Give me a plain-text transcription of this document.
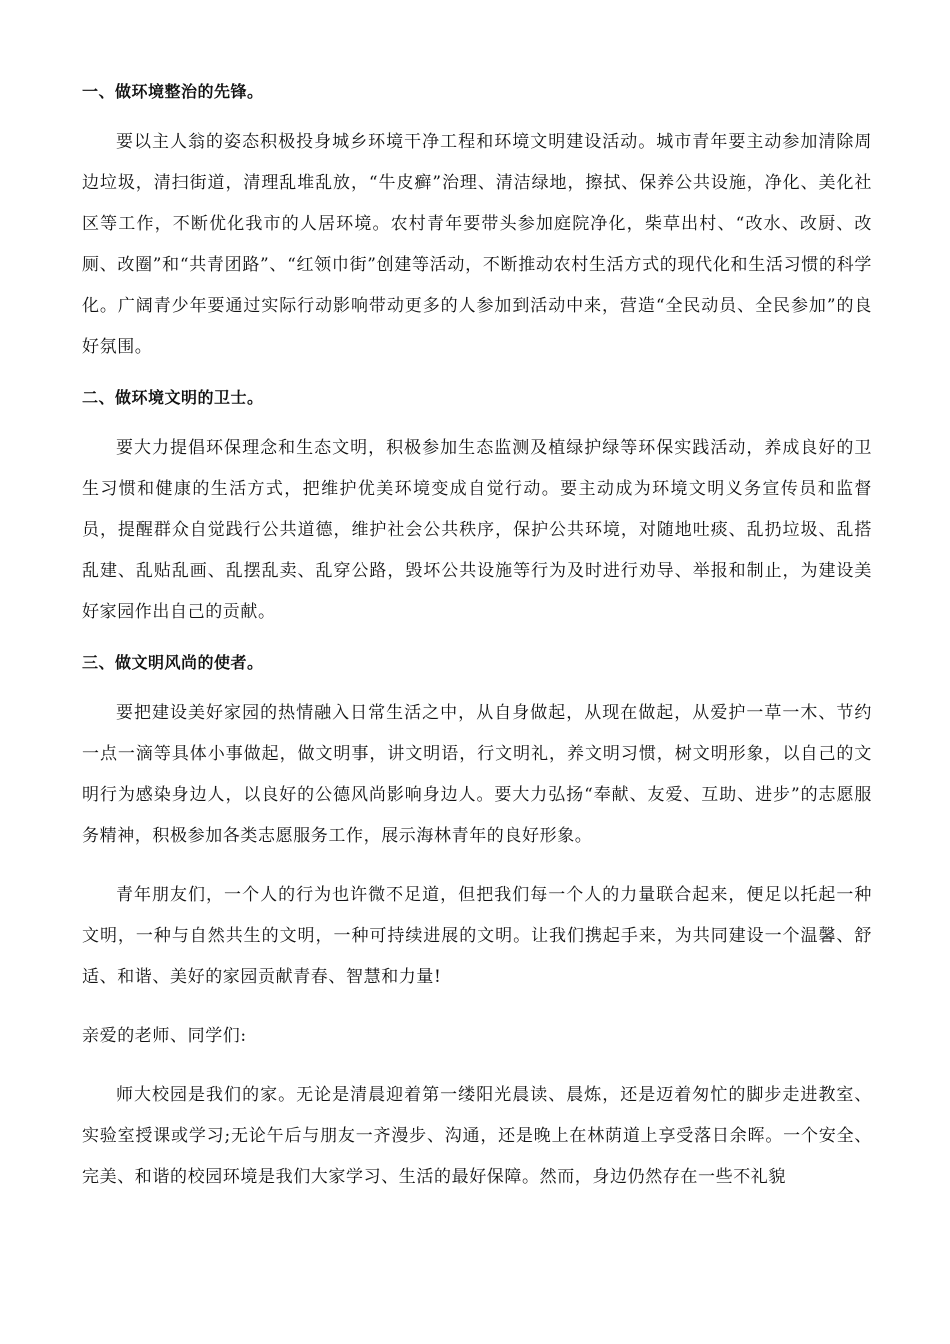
一、做环境整治的先锋。

要以主人翁的姿态积极投身城乡环境干净工程和环境文明建设活动。城市青年要主动参加清除周边垃圾，清扫街道，清理乱堆乱放，“牛皮癣”治理、清洁绿地，擦拭、保养公共设施，净化、美化社区等工作，不断优化我市的人居环境。农村青年要带头参加庭院净化，柴草出村、“改水、改厨、改厕、改圈”和“共青团路”、“红领巾街”创建等活动，不断推动农村生活方式的现代化和生活习惯的科学化。广阔青少年要通过实际行动影响带动更多的人参加到活动中来，营造“全民动员、全民参加”的良好氛围。

二、做环境文明的卫士。

要大力提倡环保理念和生态文明，积极参加生态监测及植绿护绿等环保实践活动，养成良好的卫生习惯和健康的生活方式，把维护优美环境变成自觉行动。要主动成为环境文明义务宣传员和监督员，提醒群众自觉践行公共道德，维护社会公共秩序，保护公共环境，对随地吐痰、乱扔垃圾、乱搭乱建、乱贴乱画、乱摆乱卖、乱穿公路，毁坏公共设施等行为及时进行劝导、举报和制止，为建设美好家园作出自己的贡献。

三、做文明风尚的使者。

要把建设美好家园的热情融入日常生活之中，从自身做起，从现在做起，从爱护一草一木、节约一点一滴等具体小事做起，做文明事，讲文明语，行文明礼，养文明习惯，树文明形象，以自己的文明行为感染身边人，以良好的公德风尚影响身边人。要大力弘扬“奉献、友爱、互助、进步”的志愿服务精神，积极参加各类志愿服务工作，展示海林青年的良好形象。

青年朋友们，一个人的行为也许微不足道，但把我们每一个人的力量联合起来，便足以托起一种文明，一种与自然共生的文明，一种可持续进展的文明。让我们携起手来，为共同建设一个温馨、舒适、和谐、美好的家园贡献青春、智慧和力量!

亲爱的老师、同学们:

师大校园是我们的家。无论是清晨迎着第一缕阳光晨读、晨炼，还是迈着匆忙的脚步走进教室、实验室授课或学习;无论午后与朋友一齐漫步、沟通，还是晚上在林荫道上享受落日余晖。一个安全、完美、和谐的校园环境是我们大家学习、生活的最好保障。然而，身边仍然存在一些不礼貌
